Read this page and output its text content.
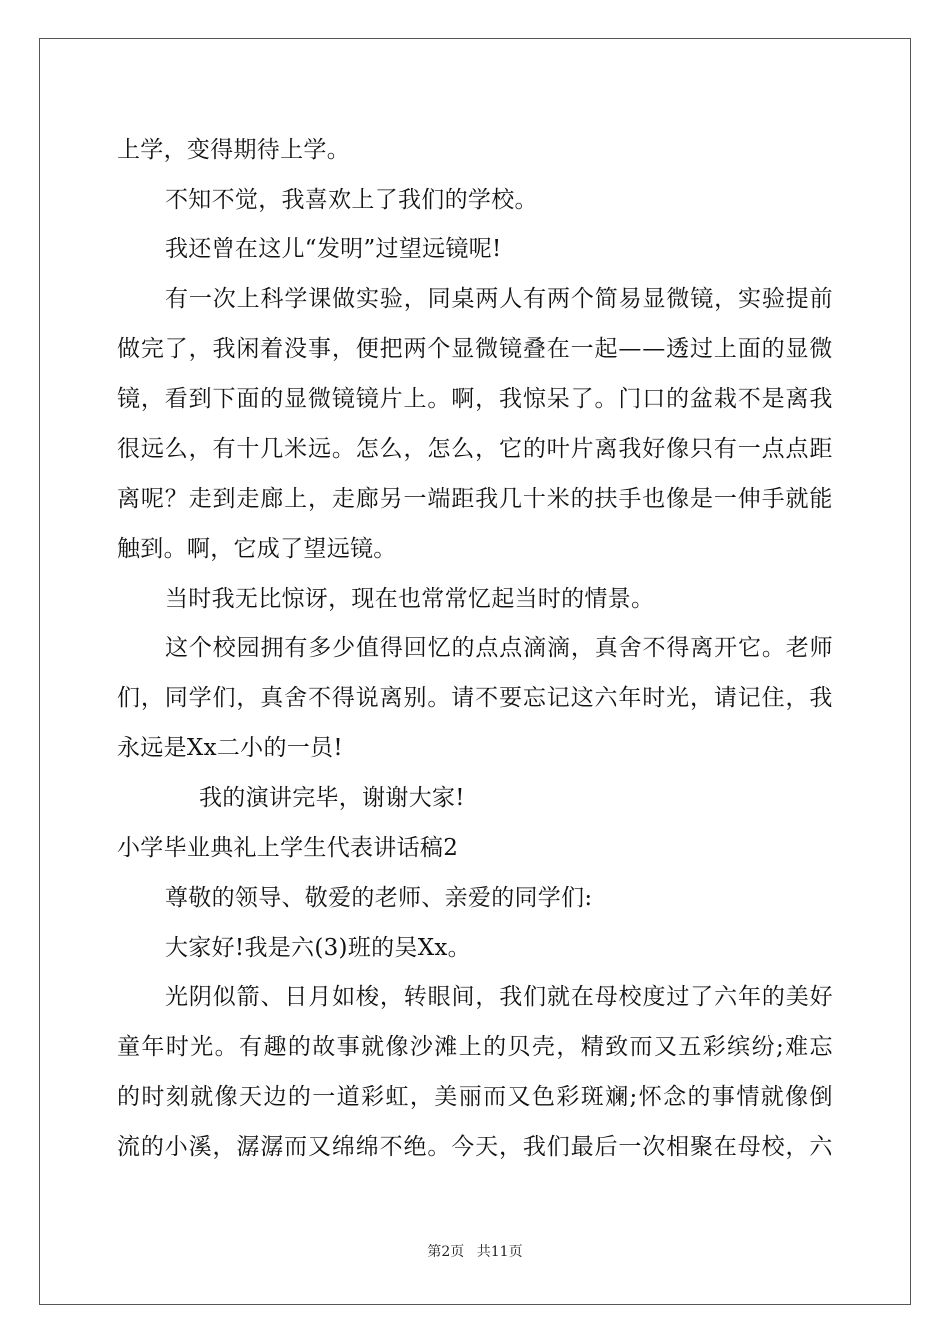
上学，变得期待上学。
不知不觉，我喜欢上了我们的学校。
我还曾在这儿“发明”过望远镜呢!
有 一 次 上 科 学 课 做 实 验 ， 同 桌 两 人 有 两 个 简 易 显 微 镜 ， 实 验 提 前
做 完 了 ， 我 闲 着 没 事 ， 便 把 两 个 显 微 镜 叠 在 一 起 — — 透 过 上 面 的 显 微
镜 ， 看 到 下 面 的 显 微 镜 镜 片 上 。 啊 ， 我 惊 呆 了 。 门 口 的 盆 栽 不 是 离 我
很 远 么 ， 有 十 几 米 远 。 怎 么 ， 怎 么 ， 它 的 叶 片 离 我 好 像 只 有 一 点 点 距
离 呢 ？ 走 到 走 廊 上 ， 走 廊 另 一 端 距 我 几 十 米 的 扶 手 也 像 是 一 伸 手 就 能
触到。啊，它成了望远镜。
当时我无比惊讶，现在也常常忆起当时的情景。
这 个 校 园 拥 有 多 少 值 得 回 忆 的 点 点 滴 滴 ， 真 舍 不 得 离 开 它 。 老 师
们 ， 同 学 们 ， 真 舍 不 得 说 离 别 。 请 不 要 忘 记 这 六 年 时 光 ， 请 记 住 ， 我
永远是Xx二小的一员!
我的演讲完毕，谢谢大家!
小学毕业典礼上学生代表讲话稿2
尊敬的领导、敬爱的老师、亲爱的同学们:
大家好!我是六(3)班的吴Xx。
光 阴 似 箭 、 日 月 如 梭 ， 转 眼 间 ， 我 们 就 在 母 校 度 过 了 六 年 的 美 好
童 年 时 光 。 有 趣 的 故 事 就 像 沙 滩 上 的 贝 壳 ， 精 致 而 又 五 彩 缤 纷 ; 难 忘
的 时 刻 就 像 天 边 的 一 道 彩 虹 ， 美 丽 而 又 色 彩 斑 斓 ; 怀 念 的 事 情 就 像 倒
流 的 小 溪 ， 潺 潺 而 又 绵 绵 不 绝 。 今 天 ， 我 们 最 后 一 次 相 聚 在 母 校 ， 六
第2页 共11页
